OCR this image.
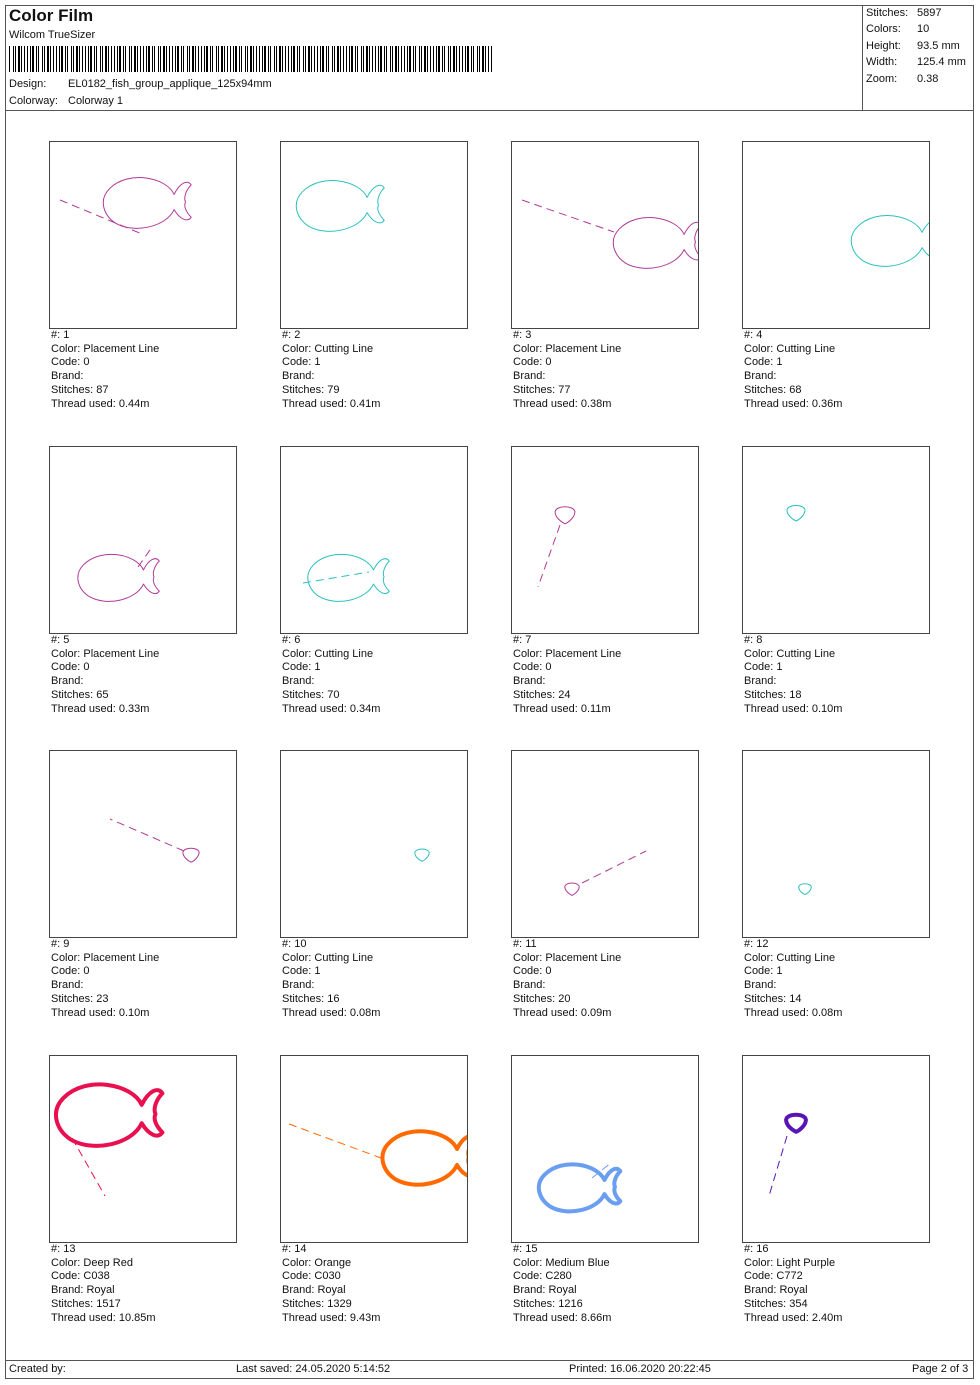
Color Film
Wilcom TrueSizer
Design: EL0182_fish_group_applique_125x94mm
Colorway: Colorway 1
Stitches: 5897
Colors: 10
Height: 93.5 mm
Width: 125.4 mm
Zoom: 0.38
#: 1
Color: Placement Line
Code: 0
Brand:
Stitches: 87
Thread used: 0.44m
#: 2
Color: Cutting Line
Code: 1
Brand:
Stitches: 79
Thread used: 0.41m
#: 3
Color: Placement Line
Code: 0
Brand:
Stitches: 77
Thread used: 0.38m
#: 4
Color: Cutting Line
Code: 1
Brand:
Stitches: 68
Thread used: 0.36m
#: 5
Color: Placement Line
Code: 0
Brand:
Stitches: 65
Thread used: 0.33m
#: 6
Color: Cutting Line
Code: 1
Brand:
Stitches: 70
Thread used: 0.34m
#: 7
Color: Placement Line
Code: 0
Brand:
Stitches: 24
Thread used: 0.11m
#: 8
Color: Cutting Line
Code: 1
Brand:
Stitches: 18
Thread used: 0.10m
#: 9
Color: Placement Line
Code: 0
Brand:
Stitches: 23
Thread used: 0.10m
#: 10
Color: Cutting Line
Code: 1
Brand:
Stitches: 16
Thread used: 0.08m
#: 11
Color: Placement Line
Code: 0
Brand:
Stitches: 20
Thread used: 0.09m
#: 12
Color: Cutting Line
Code: 1
Brand:
Stitches: 14
Thread used: 0.08m
#: 13
Color: Deep Red
Code: C038
Brand: Royal
Stitches: 1517
Thread used: 10.85m
#: 14
Color: Orange
Code: C030
Brand: Royal
Stitches: 1329
Thread used: 9.43m
#: 15
Color: Medium Blue
Code: C280
Brand: Royal
Stitches: 1216
Thread used: 8.66m
#: 16
Color: Light Purple
Code: C772
Brand: Royal
Stitches: 354
Thread used: 2.40m
Created by:	Last saved: 24.05.2020 5:14:52	Printed: 16.06.2020 20:22:45	Page 2 of 3
